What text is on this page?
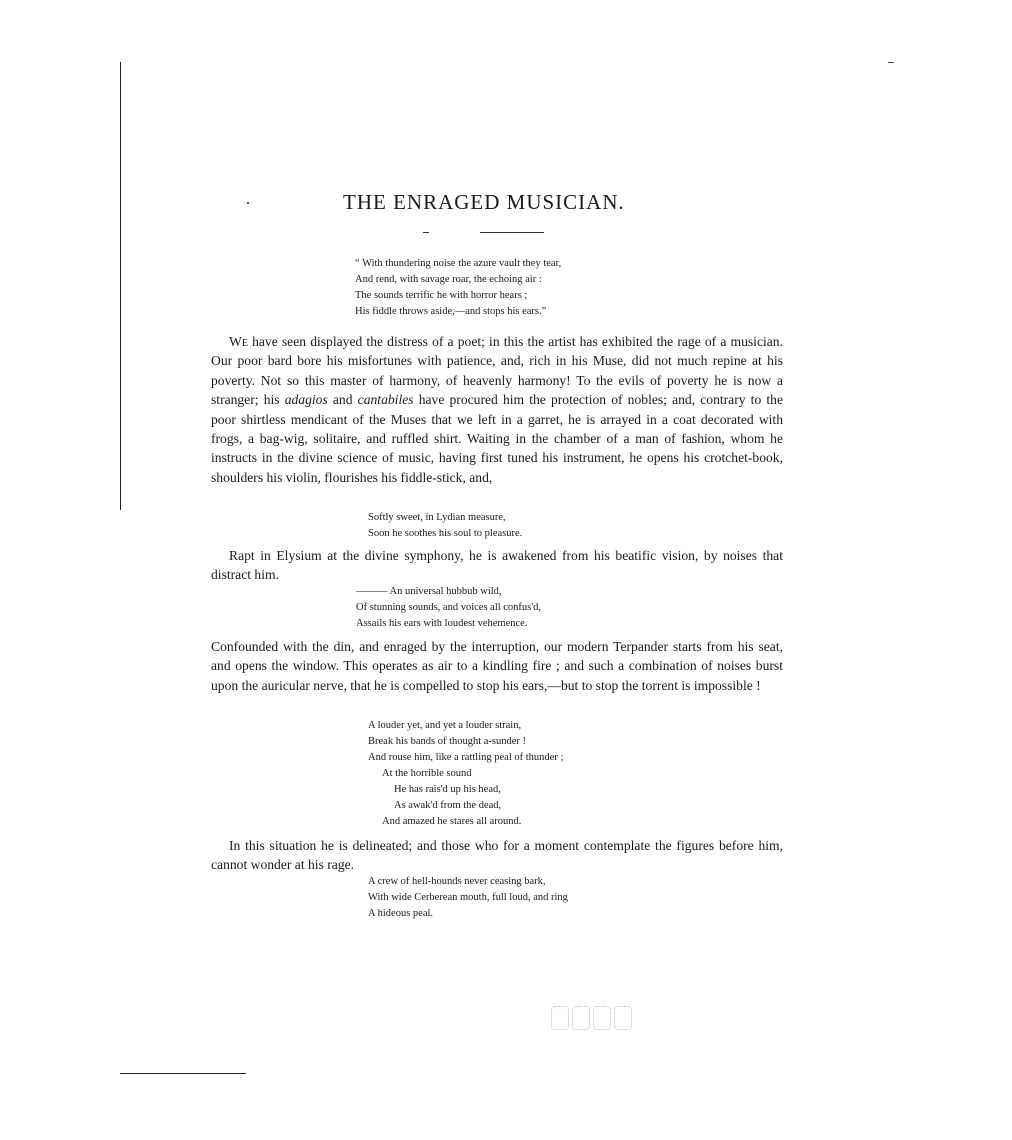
THE ENRAGED MUSICIAN.
“ With thundering noise the azure vault they tear,
And rend, with savage roar, the echoing air :
The sounds terrific he with horror hears ;
His fiddle throws aside,—and stops his ears.”

We have seen displayed the distress of a poet; in this the artist has exhibited the rage of a musician. Our poor bard bore his misfortunes with patience, and, rich in his Muse, did not much repine at his poverty. Not so this master of harmony, of heavenly harmony! To the evils of poverty he is now a stranger; his adagios and cantabiles have procured him the protection of nobles; and, contrary to the poor shirtless mendicant of the Muses that we left in a garret, he is arrayed in a coat decorated with frogs, a bag-wig, solitaire, and ruffled shirt. Waiting in the chamber of a man of fashion, whom he instructs in the divine science of music, having first tuned his instrument, he opens his crotchet-book, shoulders his violin, flourishes his fiddle-stick, and,

Softly sweet, in Lydian measure,
Soon he soothes his soul to pleasure.

Rapt in Elysium at the divine symphony, he is awakened from his beatific vision, by noises that distract him.

——— An universal hubbub wild,
Of stunning sounds, and voices all confus'd,
Assails his ears with loudest vehemence.

Confounded with the din, and enraged by the interruption, our modern Terpander starts from his seat, and opens the window. This operates as air to a kindling fire ; and such a combination of noises burst upon the auricular nerve, that he is compelled to stop his ears,—but to stop the torrent is impossible !

A louder yet, and yet a louder strain,
Break his bands of thought a-sunder !
And rouse him, like a rattling peal of thunder ;
At the horrible sound
He has rais'd up his head,
As awak'd from the dead,
And amazed he stares all around.

In this situation he is delineated; and those who for a moment contemplate the figures before him, cannot wonder at his rage.

A crew of hell-hounds never ceasing bark,
With wide Cerberean mouth, full loud, and ring
A hideous peal.
